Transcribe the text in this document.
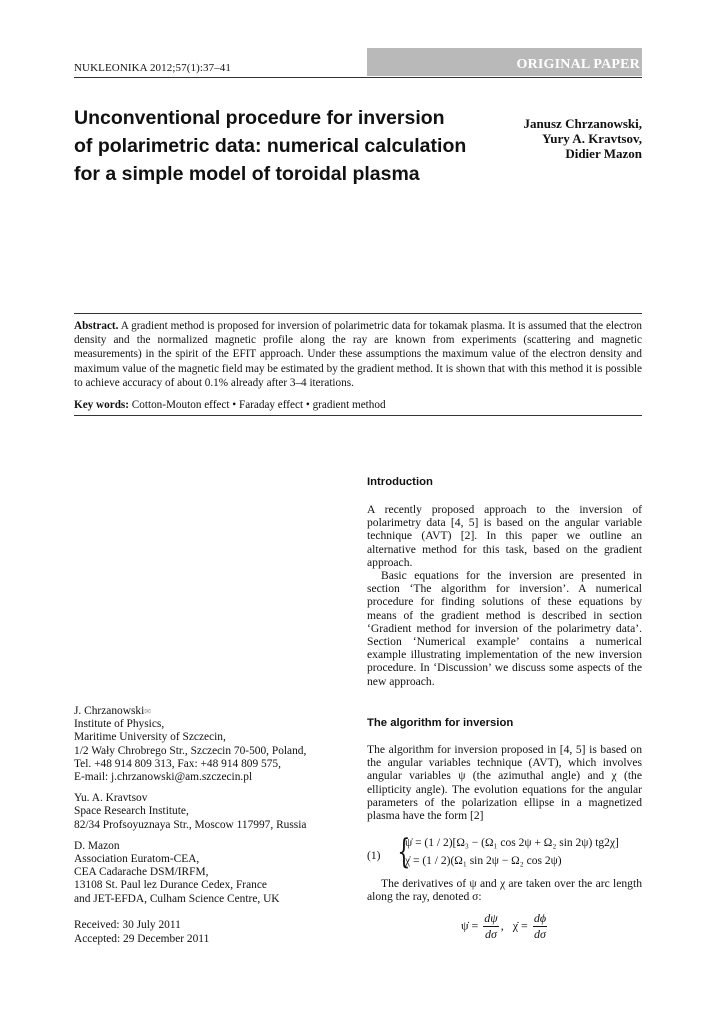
NUKLEONIKA 2012;57(1):37–41	ORIGINAL PAPER
Unconventional procedure for inversion
of polarimetric data: numerical calculation
for a simple model of toroidal plasma
Janusz Chrzanowski,
Yury A. Kravtsov,
Didier Mazon
Abstract. A gradient method is proposed for inversion of polarimetric data for tokamak plasma. It is assumed that the electron density and the normalized magnetic profile along the ray are known from experiments (scattering and magnetic measurements) in the spirit of the EFIT approach. Under these assumptions the maximum value of the electron density and maximum value of the magnetic field may be estimated by the gradient method. It is shown that with this method it is possible to achieve accuracy of about 0.1% already after 3–4 iterations.
Key words: Cotton-Mouton effect • Faraday effect • gradient method
Introduction

A recently proposed approach to the inversion of polarimetry data [4, 5] is based on the angular variable technique (AVT) [2]. In this paper we outline an alternative method for this task, based on the gradient approach.

Basic equations for the inversion are presented in section ‘The algorithm for inversion’. A numerical procedure for finding solutions of these equations by means of the gradient method is described in section ‘Gradient method for inversion of the polarimetry data’. Section ‘Numerical example’ contains a numerical example illustrating implementation of the new inversion procedure. In ‘Discussion’ we discuss some aspects of the new approach.

The algorithm for inversion

The algorithm for inversion proposed in [4, 5] is based on the angular variables technique (AVT), which involves angular variables ψ (the azimuthal angle) and χ (the ellipticity angle). The evolution equations for the angular parameters of the polarization ellipse in a magnetized plasma have the form [2]

(1) {
ψ̇ = (1 / 2)[Ω₃ − (Ω₁ cos 2ψ + Ω₂ sin 2ψ) tg2χ]
χ̇ = (1 / 2)(Ω₁ sin 2ψ − Ω₂ cos 2ψ)
The derivatives of ψ and χ are taken over the arc length along the ray, denoted σ:
ψ̇ = $\frac{d\psi}{d\sigma}$ , χ̇ = $\frac{d\phi}{d\sigma}$
J. Chrzanowski✉
Institute of Physics,
Maritime University of Szczecin,
1/2 Wały Chrobrego Str., Szczecin 70-500, Poland,
Tel. +48 914 809 313, Fax: +48 914 809 575,
E-mail: j.chrzanowski@am.szczecin.pl
Yu. A. Kravtsov
Space Research Institute,
82/34 Profsoyuznaya Str., Moscow 117997, Russia
D. Mazon
Association Euratom-CEA,
CEA Cadarache DSM/IRFM,
13108 St. Paul lez Durance Cedex, France
and JET-EFDA, Culham Science Centre, UK
Received: 30 July 2011
Accepted: 29 December 2011
